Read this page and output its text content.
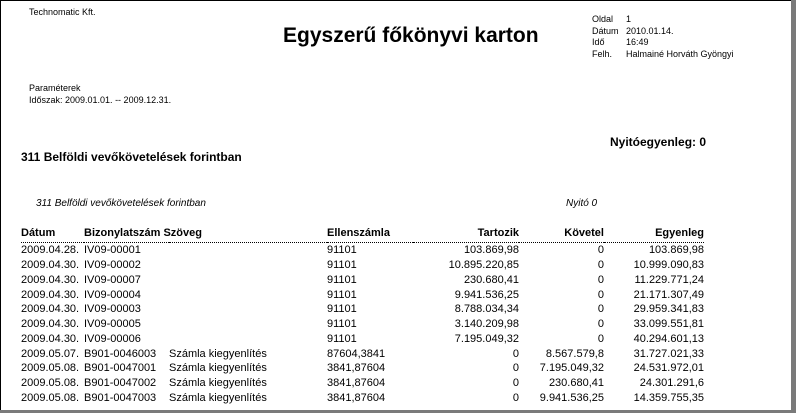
Technomatic Kft.
Egyszerű főkönyvi karton
Oldal	1
Dátum 2010.01.14.
Idő	16:49
Felh.	Halmainé Horváth Gyöngyi
Paraméterek
Időszak: 2009.01.01. -- 2009.12.31.
Nyitóegyenleg: 0
311 Belföldi vevőkövetelések forintban
311 Belföldi vevőkövetelések forintban	Nyitó 0
Dátum	Bizonylatszám Szöveg		Ellenszámla	Tartozik	Követel	Egyenleg
2009.04.28.	IV09-00001		91101	103.869,98	0	103.869,98
2009.04.30.	IV09-00002		91101	10.895.220,85	0	10.999.090,83
2009.04.30.	IV09-00007		91101	230.680,41	0	11.229.771,24
2009.04.30.	IV09-00004		91101	9.941.536,25	0	21.171.307,49
2009.04.30.	IV09-00003		91101	8.788.034,34	0	29.959.341,83
2009.04.30.	IV09-00005		91101	3.140.209,98	0	33.099.551,81
2009.04.30.	IV09-00006		91101	7.195.049,32	0	40.294.601,13
2009.05.07.	B901-0046003	Számla kiegyenlítés	87604,3841	0	8.567.579,8	31.727.021,33
2009.05.08.	B901-0047001	Számla kiegyenlítés	3841,87604	0	7.195.049,32	24.531.972,01
2009.05.08.	B901-0047002	Számla kiegyenlítés	3841,87604	0	230.680,41	24.301.291,6
2009.05.08.	B901-0047003	Számla kiegyenlítés	3841,87604	0	9.941.536,25	14.359.755,35
